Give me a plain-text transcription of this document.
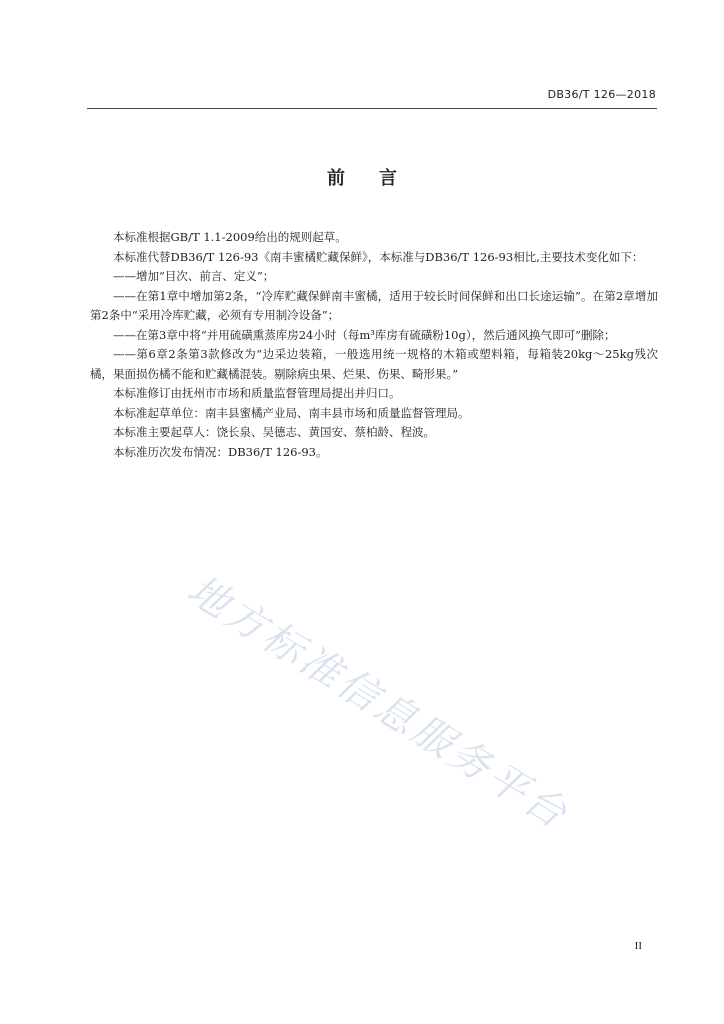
DB36/T 126—2018
前 言

本标准根据GB/T 1.1-2009给出的规则起草。

本标准代替DB36/T 126-93《南丰蜜橘贮藏保鲜》，本标准与DB36/T 126-93相比,主要技术变化如下：

——增加“目次、前言、定义”；

——在第1章中增加第2条，“冷库贮藏保鲜南丰蜜橘，适用于较长时间保鲜和出口长途运输”。在第2章增加第2条中“采用冷库贮藏，必须有专用制冷设备”；

——在第3章中将“并用硫磺熏蒸库房24小时（每m³库房有硫磺粉10g），然后通风换气即可”删除；

——第6章2条第3款修改为“边采边装箱，一般选用统一规格的木箱或塑料箱，每箱装20kg～25kg残次橘，果面损伤橘不能和贮藏橘混装。剔除病虫果、烂果、伤果、畸形果。”

本标准修订由抚州市市场和质量监督管理局提出并归口。

本标准起草单位：南丰县蜜橘产业局、南丰县市场和质量监督管理局。

本标准主要起草人：饶长泉、吴德志、黄国安、蔡柏龄、程波。

本标准历次发布情况：DB36/T 126-93。

地方标准信息服务平台
II
